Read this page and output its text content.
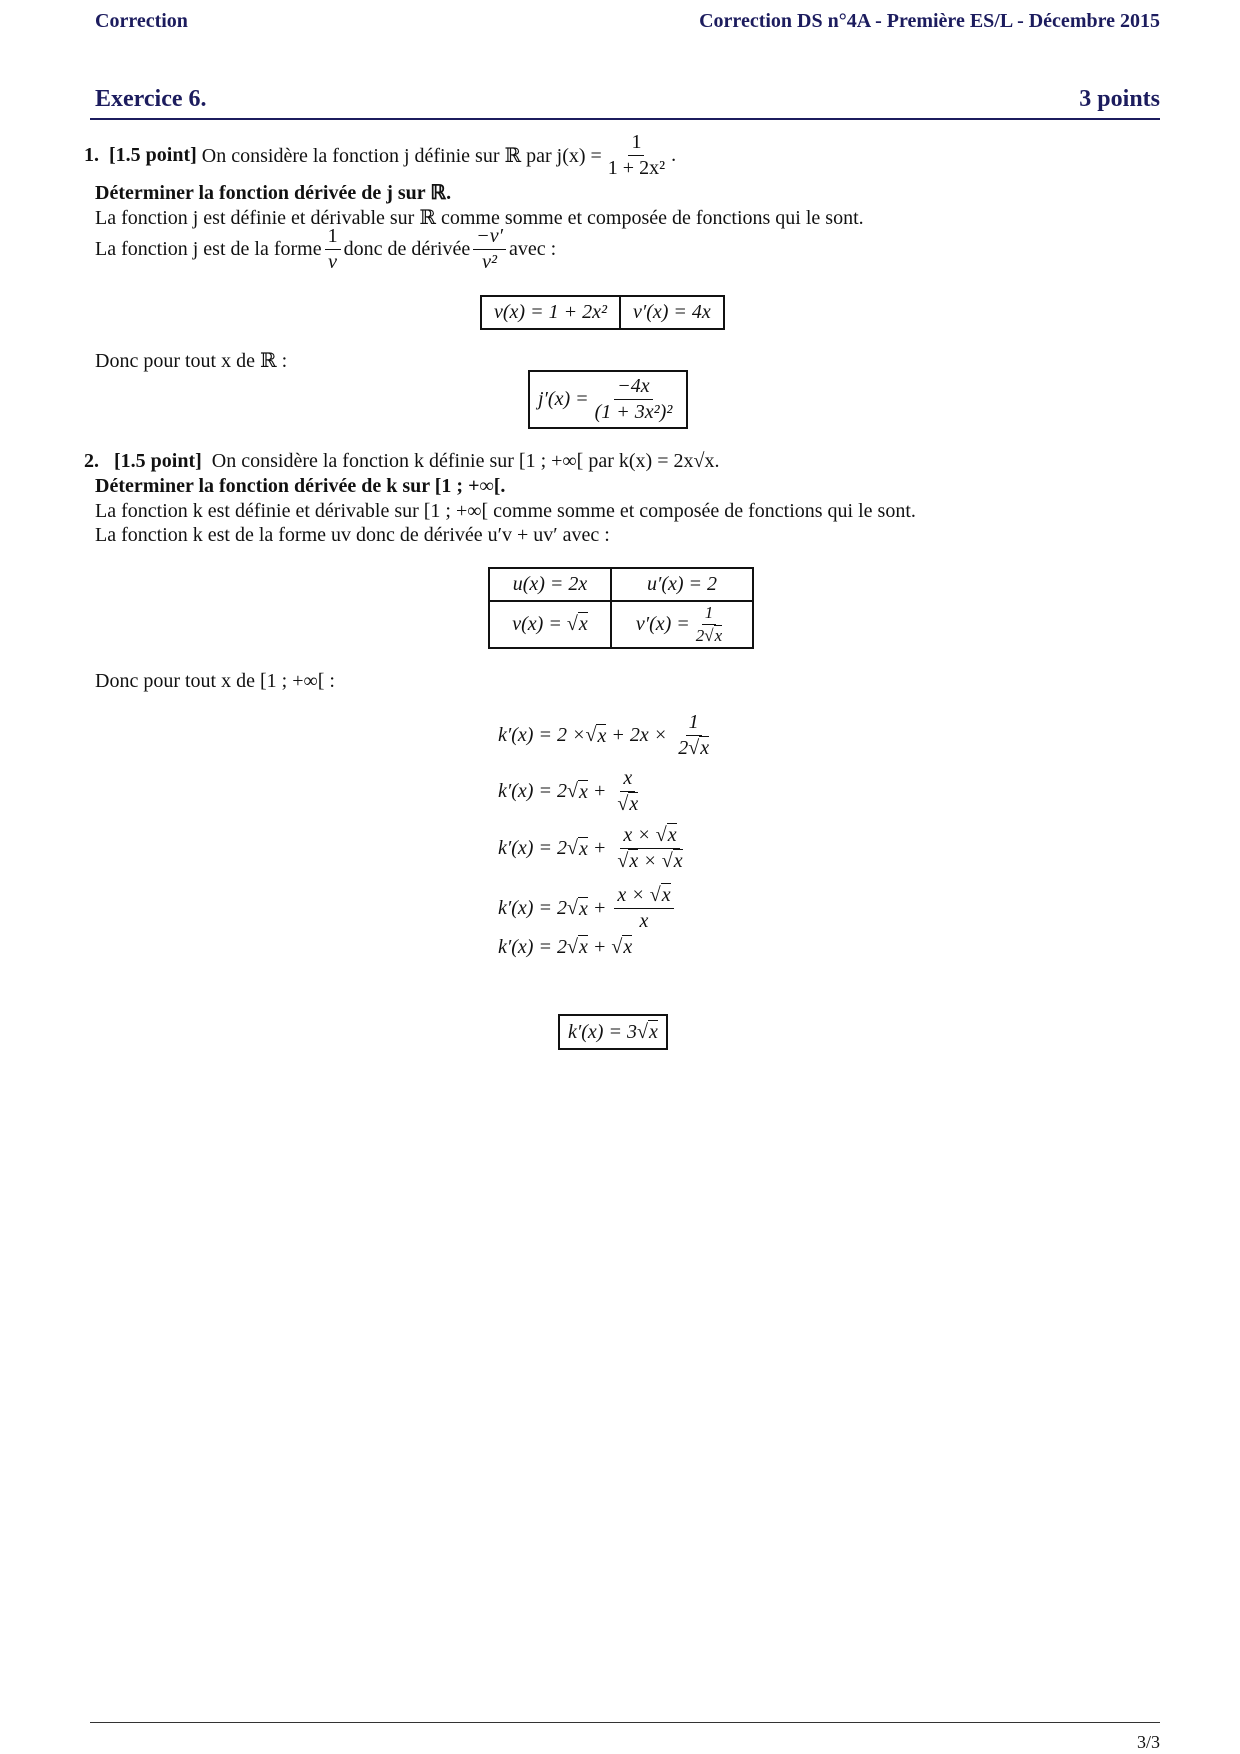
Correction	Correction DS n°4A - Première ES/L - Décembre 2015
Exercice 6.	3 points
1.
[1.5 point]
On considère la fonction j définie sur ℝ par $j(x) = \frac{1}{\text{1 + 2x²}}$ .
Déterminer la fonction dérivée de j sur ℝ.
La fonction j est définie et dérivable sur ℝ comme somme et composée de fonctions qui le sont.
La fonction j est de la forme $\frac{1}{v}$ donc de dérivée $\frac{-v'}{\text{v²}}$ avec :
v(x) = 1 + 2x²	v′(x) = 4x
Donc pour tout x de ℝ :
$j'(x) = \frac{-4x}{\text{(1 + 3x²)²}}$
2. [1.5 point] On considère la fonction k définie sur [1 ; +∞[ par k(x) = 2x√x.
Déterminer la fonction dérivée de k sur [1 ; +∞[.
La fonction k est définie et dérivable sur [1 ; +∞[ comme somme et composée de fonctions qui le sont.
La fonction k est de la forme uv donc de dérivée u′v + uv′ avec :
u(x) = 2x	u′(x) = 2
v(x) = √x	$v'(x) = \frac{1}{2√x}$
Donc pour tout x de [1 ; +∞[ :
k′(x) = 2 × √ $x + 2x \times \frac{1}{2√x}$
k′(x) = 2 √ $x + \frac{x}{√x}$
k′(x) = 2 √ $x + \frac{x \times √x}{√x \times √x}$
k′(x) = 2 √ $x + \frac{x \times √x}{x}$
k′(x) = 2 √ x + √ x
k′(x) = 3 √ x
3/3
